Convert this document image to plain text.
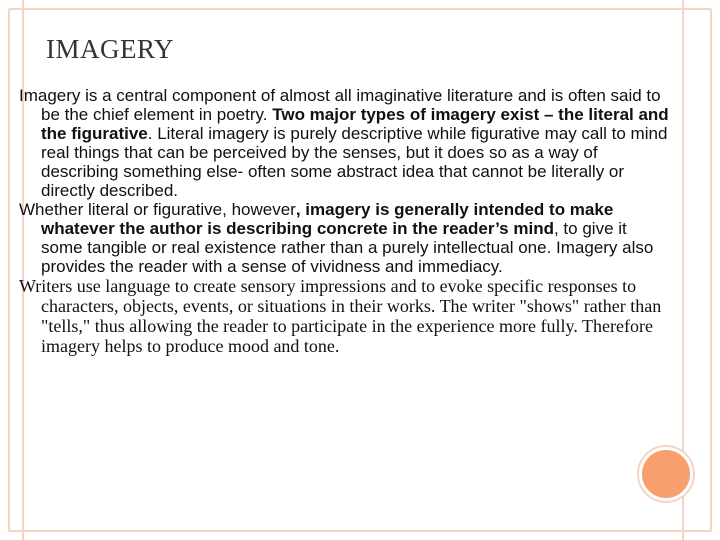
IMAGERY

Imagery is a central component of almost all imaginative literature and is often said to be the chief element in poetry. Two major types of imagery exist – the literal and the figurative. Literal imagery is purely descriptive while figurative may call to mind real things that can be perceived by the senses, but it does so as a way of describing something else- often some abstract idea that cannot be literally or directly described.

Whether literal or figurative, however, imagery is generally intended to make whatever the author is describing concrete in the reader’s mind, to give it some tangible or real existence rather than a purely intellectual one. Imagery also provides the reader with a sense of vividness and immediacy.

Writers use language to create sensory impressions and to evoke specific responses to characters, objects, events, or situations in their works. The writer "shows" rather than "tells," thus allowing the reader to participate in the experience more fully. Therefore imagery helps to produce mood and tone.
